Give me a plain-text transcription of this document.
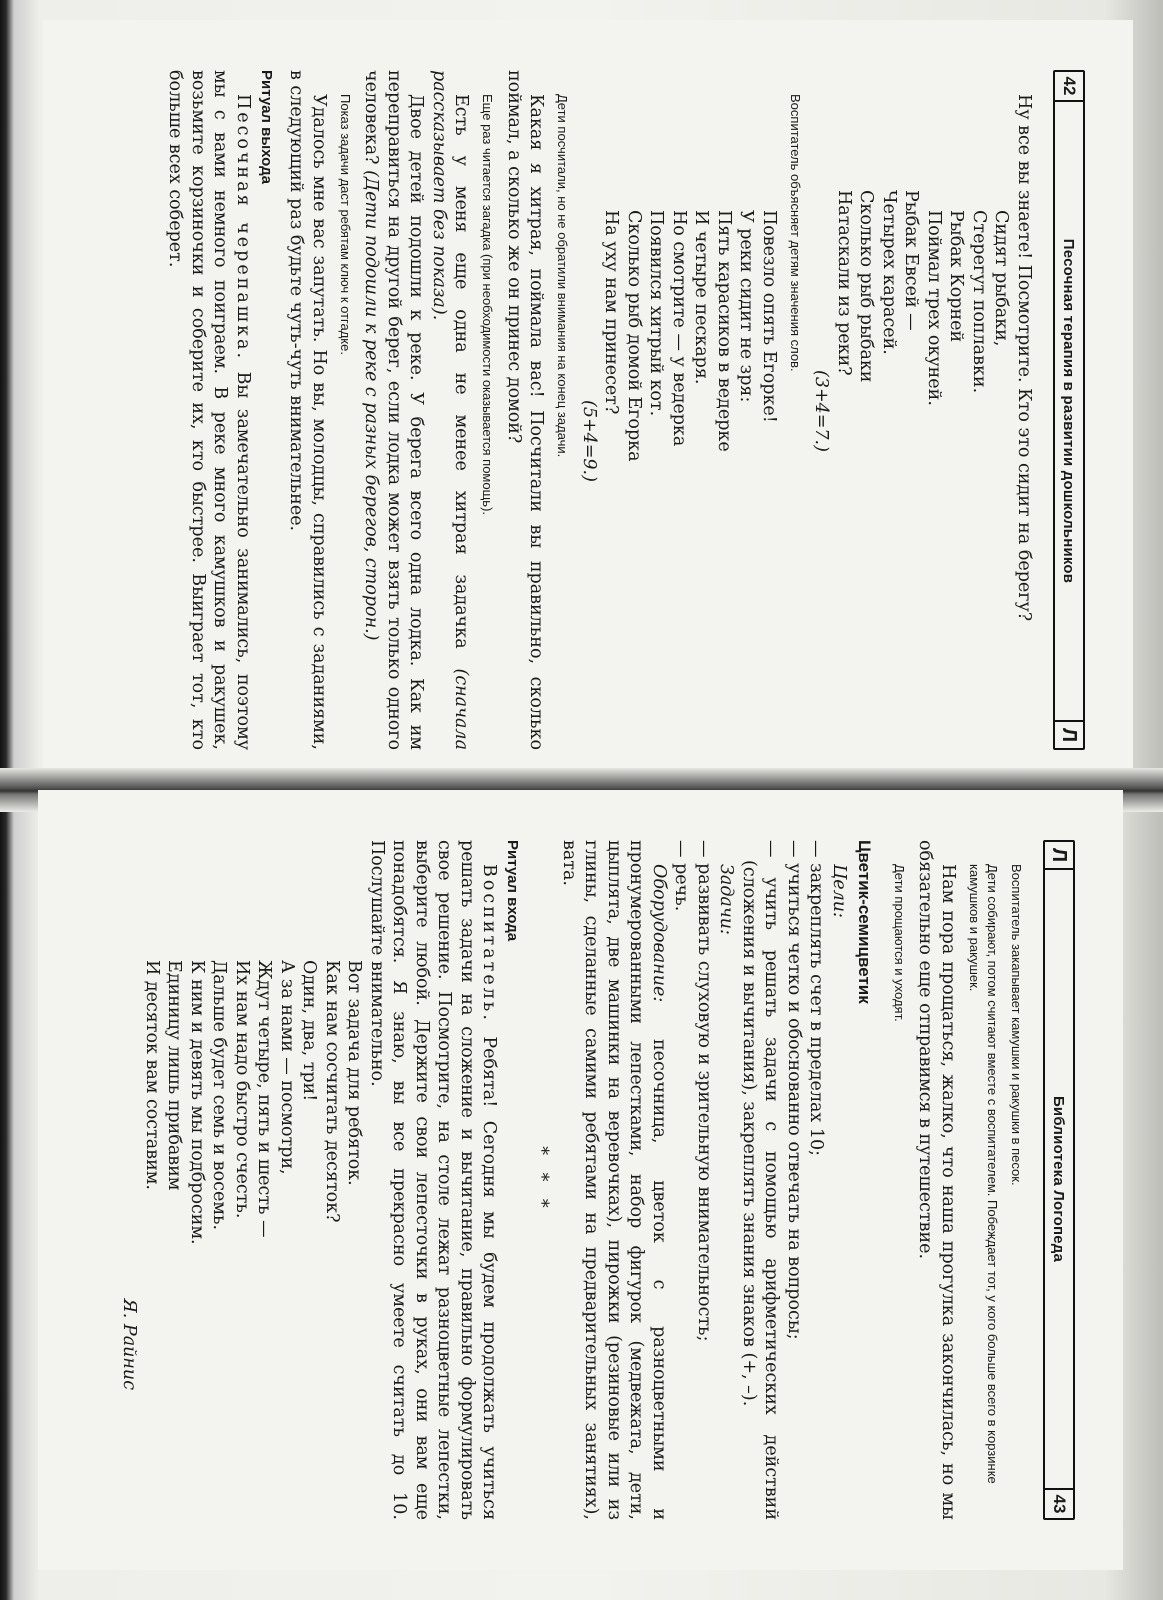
42
Песочная терапия в развитии дошкольников
Л

Ну все вы знаете! Посмотрите. Кто это сидит на берегу?

Сидят рыбаки,

Стерегут поплавки.

Рыбак Корней

Поймал трех окуней.

Рыбак Евсей —

Четырех карасей.

Сколько рыб рыбаки

Натаскали из реки?

(3+4=7.)

Воспитатель объясняет детям значения слов.

Повезло опять Егорке!

У реки сидит не зря:

Пять карасиков в ведерке

И четыре пескаря.

Но смотрите — у ведерка

Появился хитрый кот.

Сколько рыб домой Егорка

На уху нам принесет?

(5+4=9.)

Дети посчитали, но не обратили внимания на конец задачи.

Какая я хитрая, поймала вас! Посчитали вы правильно, сколько поймал, а сколько же он принес домой?

Еще раз читается загадка (при необходимости оказывается помощь).

Есть у меня еще одна не менее хитрая задачка (сначала рассказывает без показа).

Двое детей подошли к реке. У берега всего одна лодка. Как им переправиться на другой берег, если лодка может взять только одного человека? (Дети подошли к реке с разных берегов, сторон.)

Показ задачи даст ребятам ключ к отгадке.

Удалось мне вас запутать. Но вы, молодцы, справились с заданиями, в следующий раз будьте чуть-чуть внимательнее.

Ритуал выхода

Песочная черепашка. Вы замечательно занимались, поэтому мы с вами немного поиграем. В реке много камушков и ракушек, возьмите корзиночки и соберите их, кто быстрее. Выиграет тот, кто больше всех соберет.

Л
Библиотека Логопеда
43

Воспитатель закапывает камушки и ракушки в песок.

Дети собирают, потом считают вместе с воспитателем. Побеждает тот, у кого больше всего в корзинке камушков и ракушек.

Нам пора прощаться, жалко, что наша прогулка закончилась, но мы обязательно еще отправимся в путешествие.

Дети прощаются и уходят.

Цветик-семицветик

Цели:

— закреплять счет в пределах 10;

— учиться четко и обоснованно отвечать на вопросы;

— учить решать задачи с помощью арифметических действий (сложения и вычитания), закреплять знания знаков (+, –).

Задачи:

— развивать слуховую и зрительную внимательность;

— речь.

Оборудование: песочница, цветок с разноцветными и пронумерованными лепестками, набор фигурок (медвежата, дети, цыплята, две машинки на веревочках), пирожки (резиновые или из глины, сделанные самими ребятами на предварительных занятиях), вата.

* * *

Ритуал входа

Воспитатель. Ребята! Сегодня мы будем продолжать учиться решать задачи на сложение и вычитание, правильно формулировать свое решение. Посмотрите, на столе лежат разноцветные лепестки, выберите любой. Держите свои лепесточки в руках, они вам еще понадобятся. Я знаю, вы все прекрасно умеете считать до 10. Послушайте внимательно.

Вот задача для ребяток.

Как нам сосчитать десяток?

Один, два, три!

А за нами — посмотри,

Ждут четыре, пять и шесть —

Их нам надо быстро счесть.

Дальше будет семь и восемь.

К ним и девять мы подбросим.

Единицу лишь прибавим

И десяток вам составим.

Я. Райнис
